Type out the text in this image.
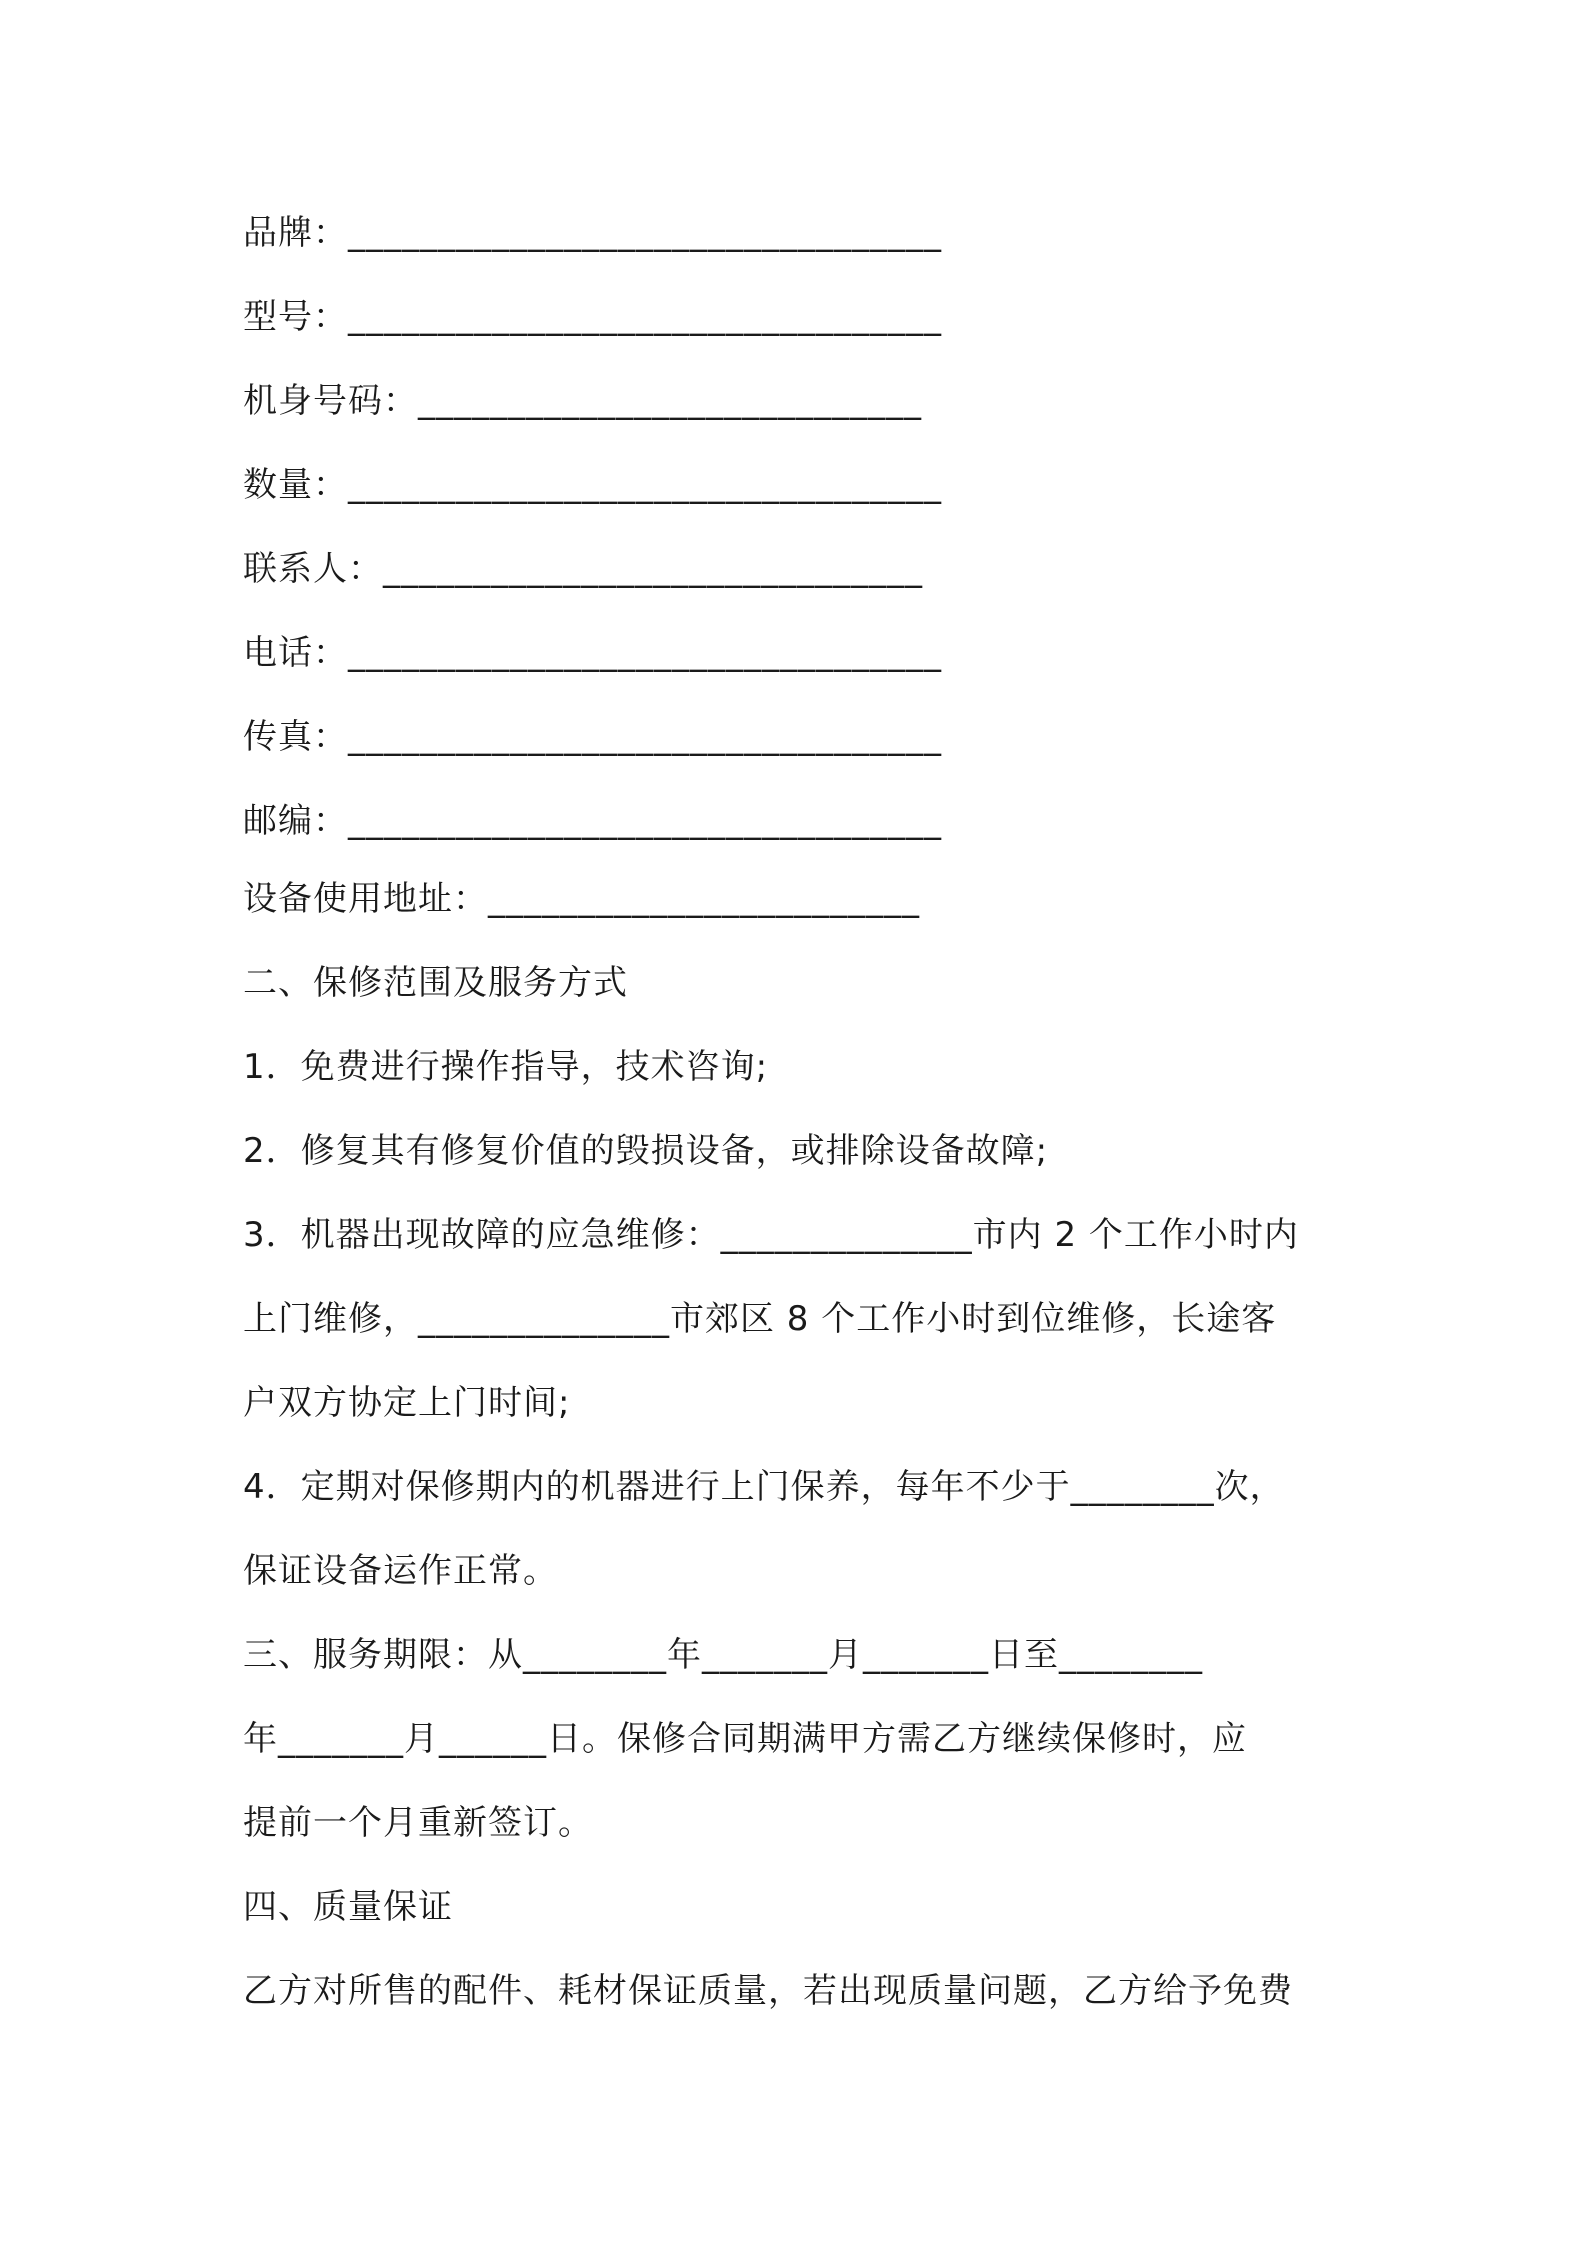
品牌：_________________________________
型号：_________________________________
机身号码：____________________________
数量：_________________________________
联系人：______________________________
电话：_________________________________
传真：_________________________________
邮编：_________________________________
设备使用地址：________________________
二、保修范围及服务方式
1．免费进行操作指导，技术咨询;
2．修复其有修复价值的毁损设备，或排除设备故障;
3．机器出现故障的应急维修：______________市内 2 个工作小时内
上门维修，______________市郊区 8 个工作小时到位维修，长途客
户双方协定上门时间;
4．定期对保修期内的机器进行上门保养，每年不少于________次，
保证设备运作正常。
三、服务期限：从________年_______月_______日至________
年_______月______日。保修合同期满甲方需乙方继续保修时，应
提前一个月重新签订。
四、质量保证
乙方对所售的配件、耗材保证质量，若出现质量问题，乙方给予免费
